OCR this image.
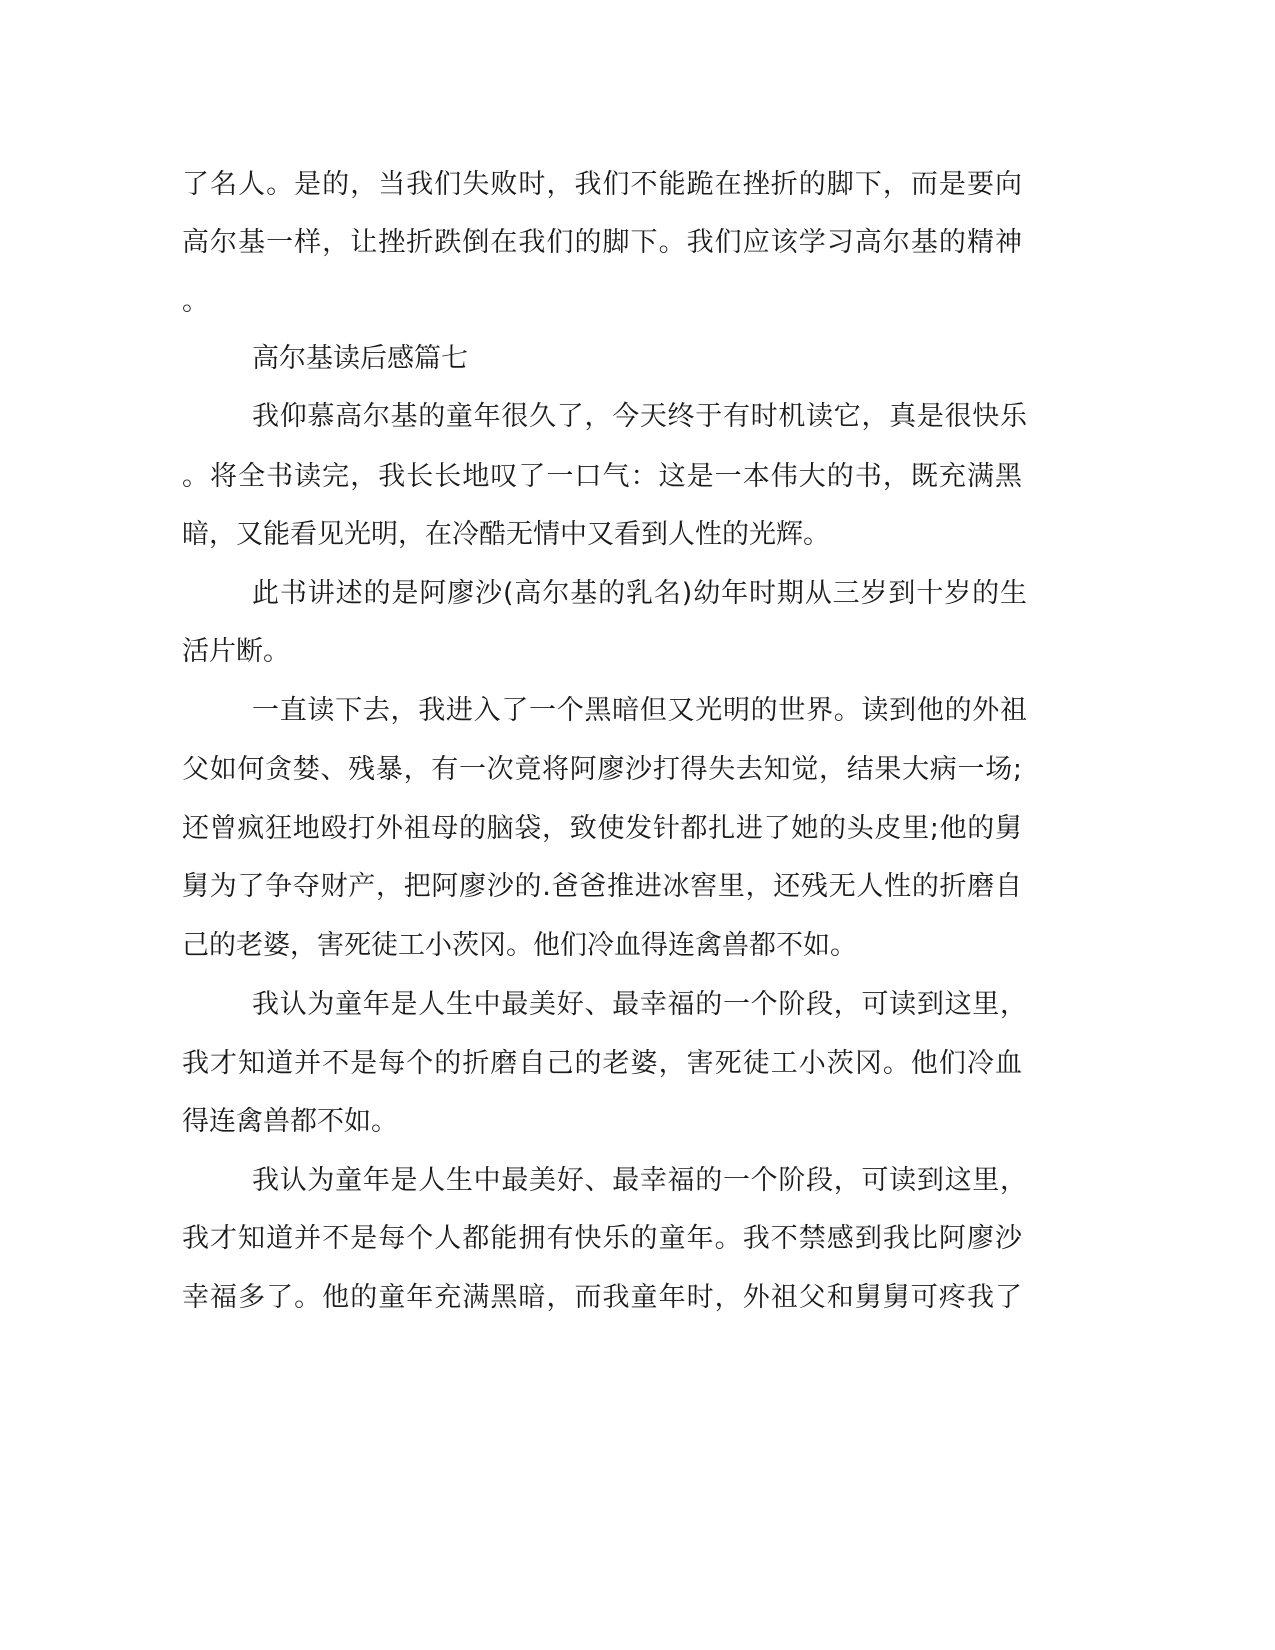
了名人。是的，当我们失败时，我们不能跪在挫折的脚下，而是要向
高尔基一样，让挫折跌倒在我们的脚下。我们应该学习高尔基的精神
。
高尔基读后感篇七
我仰慕高尔基的童年很久了，今天终于有时机读它，真是很快乐
。将全书读完，我长长地叹了一口气：这是一本伟大的书，既充满黑
暗，又能看见光明，在冷酷无情中又看到人性的光辉。
此书讲述的是阿廖沙(高尔基的乳名)幼年时期从三岁到十岁的生
活片断。
一直读下去，我进入了一个黑暗但又光明的世界。读到他的外祖
父如何贪婪、残暴，有一次竟将阿廖沙打得失去知觉，结果大病一场;
还曾疯狂地殴打外祖母的脑袋，致使发针都扎进了她的头皮里;他的舅
舅为了争夺财产，把阿廖沙的.爸爸推进冰窖里，还残无人性的折磨自
己的老婆，害死徒工小茨冈。他们冷血得连禽兽都不如。
我认为童年是人生中最美好、最幸福的一个阶段，可读到这里，
我才知道并不是每个的折磨自己的老婆，害死徒工小茨冈。他们冷血
得连禽兽都不如。
我认为童年是人生中最美好、最幸福的一个阶段，可读到这里，
我才知道并不是每个人都能拥有快乐的童年。我不禁感到我比阿廖沙
幸福多了。他的童年充满黑暗，而我童年时，外祖父和舅舅可疼我了
